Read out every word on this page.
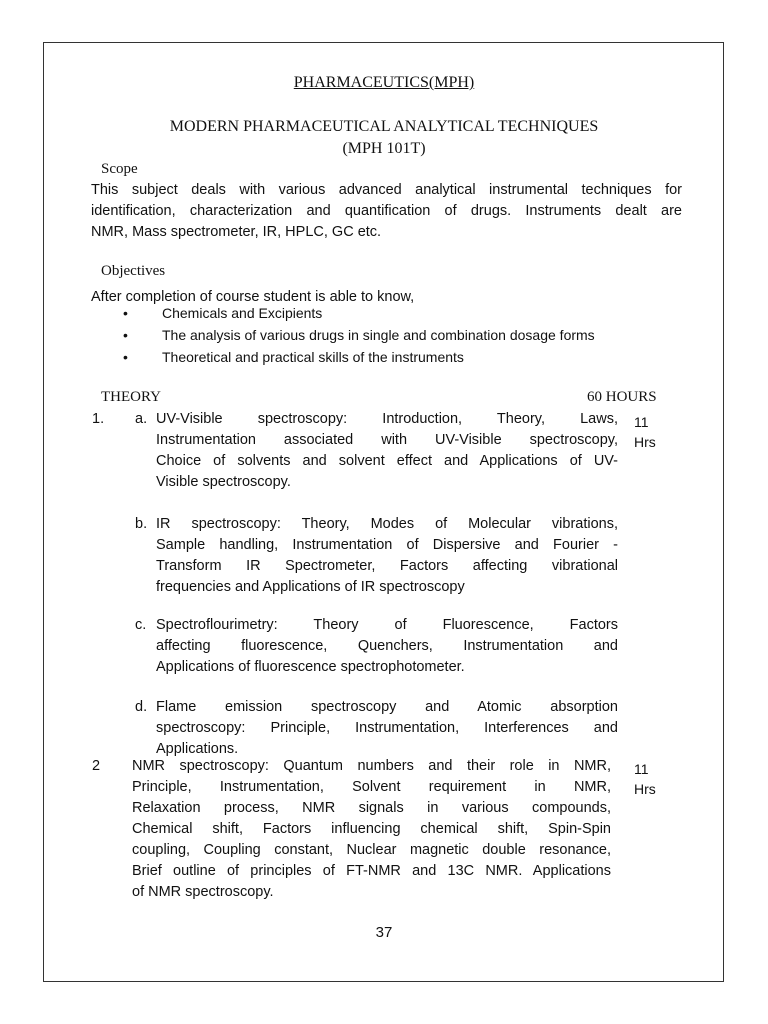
PHARMACEUTICS(MPH)
MODERN PHARMACEUTICAL ANALYTICAL TECHNIQUES
(MPH 101T)
Scope
This subject deals with various advanced analytical instrumental techniques for
identification, characterization and quantification of drugs. Instruments dealt are
NMR, Mass spectrometer, IR, HPLC, GC etc.
Objectives
After completion of course student is able to know,
• Chemicals and Excipients
• The analysis of various drugs in single and combination dosage forms
• Theoretical and practical skills of the instruments
THEORY	60 HOURS
1.	11
Hrs
a. UV-Visible spectroscopy: Introduction, Theory, Laws,
Instrumentation associated with UV-Visible spectroscopy,
Choice of solvents and solvent effect and Applications of UV-
Visible spectroscopy.
b. IR spectroscopy: Theory, Modes of Molecular vibrations,
Sample handling, Instrumentation of Dispersive and Fourier -
Transform IR Spectrometer, Factors affecting vibrational
frequencies and Applications of IR spectroscopy
c. Spectroflourimetry: Theory of Fluorescence, Factors
affecting fluorescence, Quenchers, Instrumentation and
Applications of fluorescence spectrophotometer.
d. Flame emission spectroscopy and Atomic absorption
spectroscopy: Principle, Instrumentation, Interferences and
Applications.
2 NMR spectroscopy: Quantum numbers and their role in NMR,
Principle, Instrumentation, Solvent requirement in NMR,
Relaxation process, NMR signals in various compounds,
Chemical shift, Factors influencing chemical shift, Spin-Spin
coupling, Coupling constant, Nuclear magnetic double resonance,
Brief outline of principles of FT-NMR and 13C NMR. Applications
of NMR spectroscopy.
11
Hrs
37
